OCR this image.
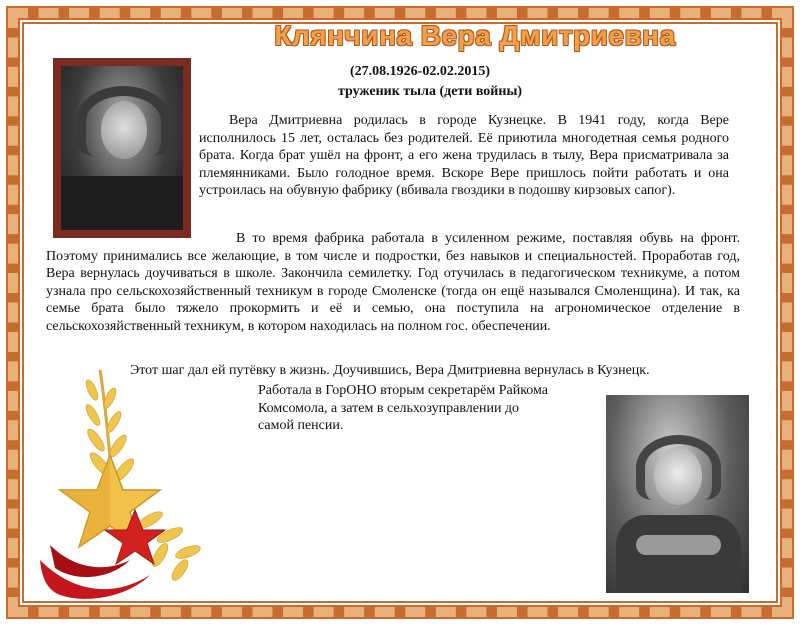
Клянчина Вера Дмитриевна
(27.08.1926-02.02.2015)
труженик тыла (дети войны)
Вера Дмитриевна родилась в городе Кузнецке. В 1941 году, когда Вере исполнилось 15 лет, осталась без родителей. Её приютила многодетная семья родного брата. Когда брат ушёл на фронт, а его жена трудилась в тылу, Вера присматривала за племянниками. Было голодное время. Вскоре Вере пришлось пойти работать и она устроилась на обувную фабрику (вбивала гвоздики в подошву кирзовых сапог).
В то время фабрика работала в усиленном режиме, поставляя обувь на фронт. Поэтому принимались все желающие, в том числе и подростки, без навыков и специальностей. Проработав год, Вера вернулась доучиваться в школе. Закончила семилетку. Год отучилась в педагогическом техникуме, а потом узнала про сельскохозяйственный техникум в городе Смоленске (тогда он ещё назывался Смоленщина). И так, ка семье брата было тяжело прокормить и её и семью, она поступила на агрономическое отделение в сельскохозяйственный техникум, в котором находилась на полном гос. обеспечении.
Этот шаг дал ей путёвку в жизнь. Доучившись, Вера Дмитриевна вернулась в Кузнецк.
Работала в ГорОНО вторым секретарём Райкома Комсомола, а затем в сельхозуправлении до самой пенсии.
